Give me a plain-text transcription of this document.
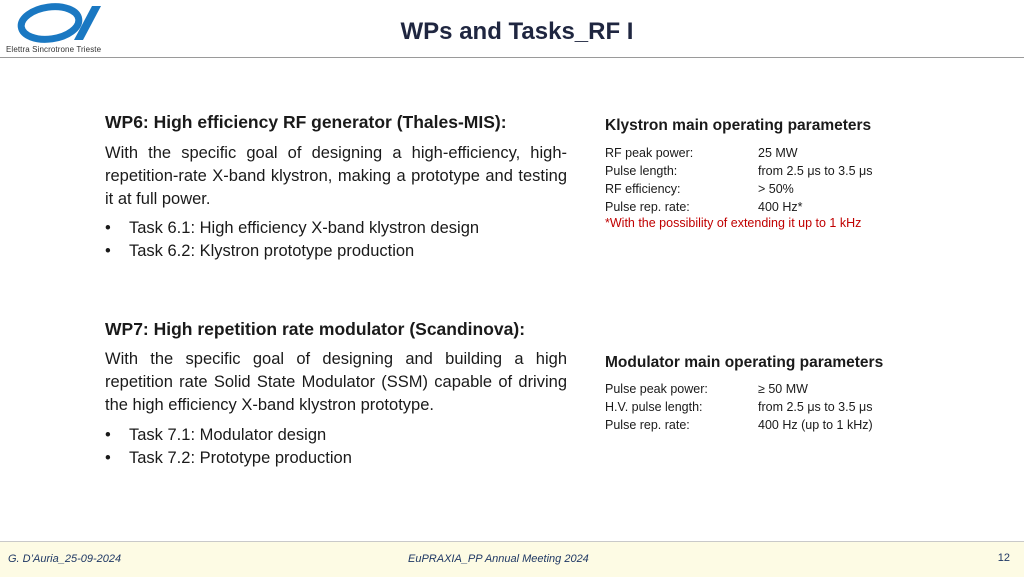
Elettra Sincrotrone Trieste
WPs and Tasks_RF I
WP6: High efficiency RF generator (Thales-MIS):
With the specific goal of designing a high-efficiency, high-repetition-rate X-band klystron, making a prototype and testing it at full power.
• Task 6.1: High efficiency X-band klystron design
• Task 6.2: Klystron prototype production
WP7: High repetition rate modulator (Scandinova):
With the specific goal of designing and building a high repetition rate Solid State Modulator (SSM) capable of driving the high efficiency X-band klystron prototype.
• Task 7.1: Modulator design
• Task 7.2: Prototype production
Klystron main operating parameters
RF peak power:	25 MW
Pulse length:	from 2.5 μs to 3.5 μs
RF efficiency:	> 50%
Pulse rep. rate:	400 Hz*
*With the possibility of extending it up to 1 kHz
Modulator main operating parameters
Pulse peak power:	≥ 50 MW
H.V. pulse length:	from 2.5 μs to 3.5 μs
Pulse rep. rate:	400 Hz (up to 1 kHz)
G. D’Auria_25-09-2024	EuPRAXIA_PP Annual Meeting 2024	12
